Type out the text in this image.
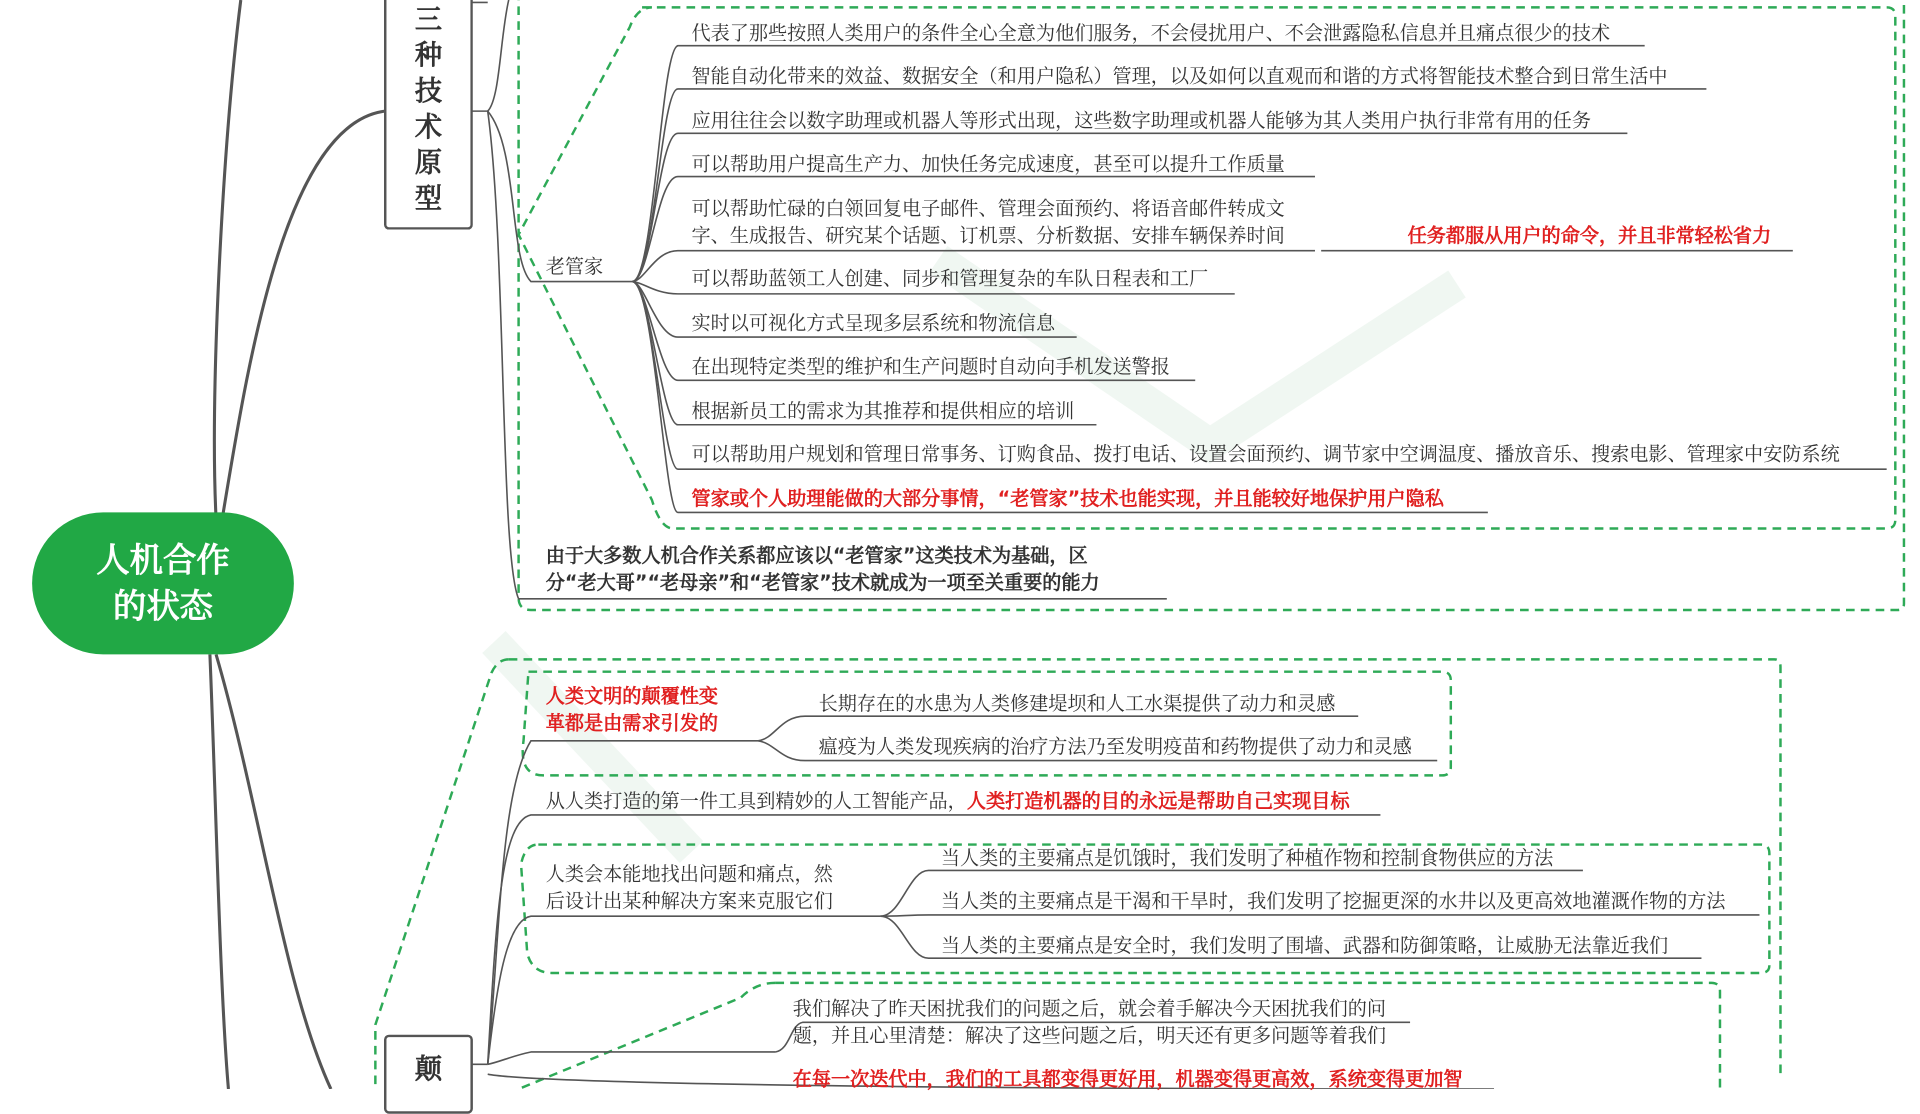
人机合作
的状态
三
种
技
术
原
型
颠
老管家
代表了那些按照人类用户的条件全心全意为他们服务，不会侵扰用户、不会泄露隐私信息并且痛点很少的技术
智能自动化带来的效益、数据安全（和用户隐私）管理，以及如何以直观而和谐的方式将智能技术整合到日常生活中
应用往往会以数字助理或机器人等形式出现，这些数字助理或机器人能够为其人类用户执行非常有用的任务
可以帮助用户提高生产力、加快任务完成速度，甚至可以提升工作质量
可以帮助忙碌的白领回复电子邮件、管理会面预约、将语音邮件转成文
字、生成报告、研究某个话题、订机票、分析数据、安排车辆保养时间	任务都服从用户的命令，并且非常轻松省力
可以帮助蓝领工人创建、同步和管理复杂的车队日程表和工厂
实时以可视化方式呈现多层系统和物流信息
在出现特定类型的维护和生产问题时自动向手机发送警报
根据新员工的需求为其推荐和提供相应的培训
可以帮助用户规划和管理日常事务、订购食品、拨打电话、设置会面预约、调节家中空调温度、播放音乐、搜索电影、管理家中安防系统
管家或个人助理能做的大部分事情，“老管家”技术也能实现，并且能较好地保护用户隐私
由于大多数人机合作关系都应该以“老管家”这类技术为基础，区
分“老大哥”“老母亲”和“老管家”技术就成为一项至关重要的能力
人类文明的颠覆性变
革都是由需求引发的
长期存在的水患为人类修建堤坝和人工水渠提供了动力和灵感
瘟疫为人类发现疾病的治疗方法乃至发明疫苗和药物提供了动力和灵感
从人类打造的第一件工具到精妙的人工智能产品，人类打造机器的目的永远是帮助自己实现目标
人类会本能地找出问题和痛点，然
后设计出某种解决方案来克服它们
当人类的主要痛点是饥饿时，我们发明了种植作物和控制食物供应的方法
当人类的主要痛点是干渴和干旱时，我们发明了挖掘更深的水井以及更高效地灌溉作物的方法
当人类的主要痛点是安全时，我们发明了围墙、武器和防御策略，让威胁无法靠近我们
我们解决了昨天困扰我们的问题之后，就会着手解决今天困扰我们的问
题，并且心里清楚：解决了这些问题之后，明天还有更多问题等着我们
在每一次迭代中，我们的工具都变得更好用，机器变得更高效，系统变得更加智
